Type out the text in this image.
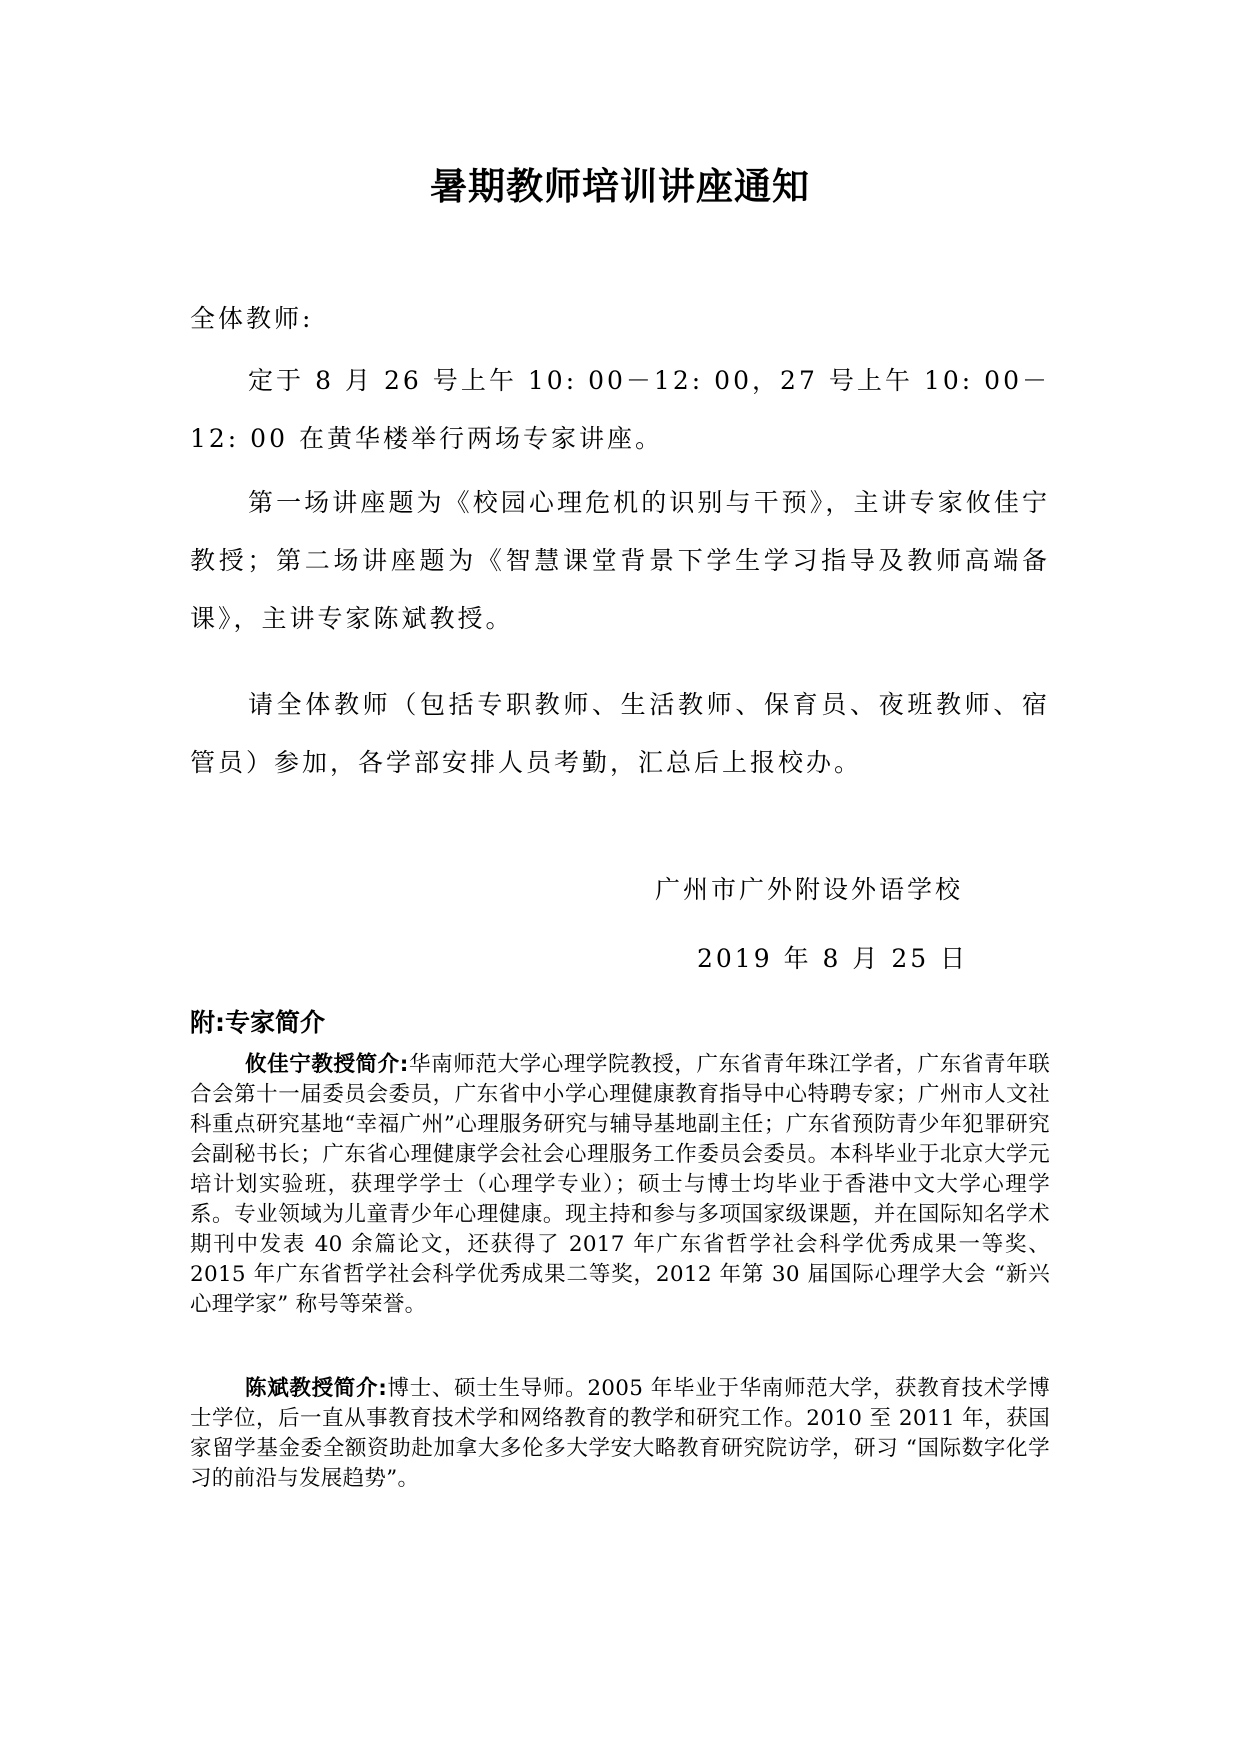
暑期教师培训讲座通知
全体教师:

定于 8 月 26 号上午 10: 00－12: 00，27 号上午 10: 00－12: 00 在黄华楼举行两场专家讲座。

第一场讲座题为《校园心理危机的识别与干预》，主讲专家攸佳宁教授；第二场讲座题为《智慧课堂背景下学生学习指导及教师高端备课》，主讲专家陈斌教授。

请全体教师（包括专职教师、生活教师、保育员、夜班教师、宿管员）参加，各学部安排人员考勤，汇总后上报校办。

广州市广外附设外语学校
2019 年 8 月 25 日
附:专家简介

攸佳宁教授简介:华南师范大学心理学院教授，广东省青年珠江学者，广东省青年联合会第十一届委员会委员，广东省中小学心理健康教育指导中心特聘专家；广州市人文社科重点研究基地“幸福广州”心理服务研究与辅导基地副主任；广东省预防青少年犯罪研究会副秘书长；广东省心理健康学会社会心理服务工作委员会委员。本科毕业于北京大学元培计划实验班，获理学学士（心理学专业）；硕士与博士均毕业于香港中文大学心理学系。专业领域为儿童青少年心理健康。现主持和参与多项国家级课题，并在国际知名学术期刊中发表 40 余篇论文，还获得了 2017 年广东省哲学社会科学优秀成果一等奖、2015 年广东省哲学社会科学优秀成果二等奖，2012 年第 30 届国际心理学大会 “新兴心理学家” 称号等荣誉。

陈斌教授简介:博士、硕士生导师。2005 年毕业于华南师范大学，获教育技术学博士学位，后一直从事教育技术学和网络教育的教学和研究工作。2010 至 2011 年，获国家留学基金委全额资助赴加拿大多伦多大学安大略教育研究院访学，研习 “国际数字化学习的前沿与发展趋势”。
